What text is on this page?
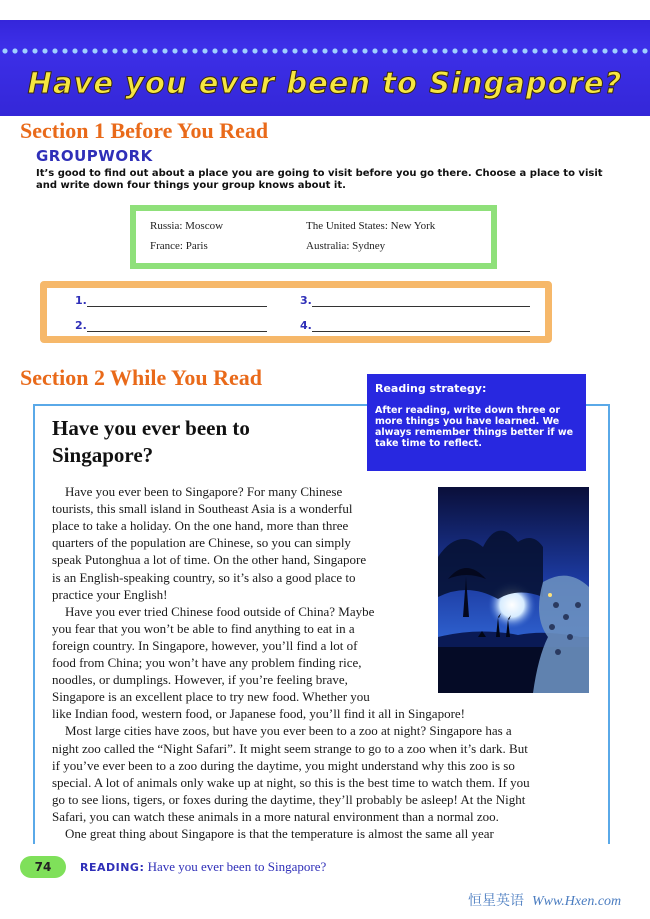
Have you ever been to Singapore?
Section 1 Before You Read
GROUPWORK
It’s good to find out about a place you are going to visit before you go there. Choose a place to visit and write down four things your group knows about it.
Russia: Moscow	The United States: New York
France: Paris	Australia: Sydney
1.
2.
3.
4.
Section 2 While You Read	Reading strategy:
After reading, write down three or more things you have learned. We always remember things better if we take time to reflect.
Have you ever been to
Singapore?
Have you ever been to Singapore? For many Chinese
tourists, this small island in Southeast Asia is a wonderful
place to take a holiday. On the one hand, more than three
quarters of the population are Chinese, so you can simply
speak Putonghua a lot of time. On the other hand, Singapore
is an English-speaking country, so it’s also a good place to
practice your English!
Have you ever tried Chinese food outside of China? Maybe
you fear that you won’t be able to find anything to eat in a
foreign country. In Singapore, however, you’ll find a lot of
food from China; you won’t have any problem finding rice,
noodles, or dumplings. However, if you’re feeling brave,
Singapore is an excellent place to try new food. Whether you
like Indian food, western food, or Japanese food, you’ll find it all in Singapore!
Most large cities have zoos, but have you ever been to a zoo at night? Singapore has a
night zoo called the “Night Safari”. It might seem strange to go to a zoo when it’s dark. But
if you’ve ever been to a zoo during the daytime, you might understand why this zoo is so
special. A lot of animals only wake up at night, so this is the best time to watch them. If you
go to see lions, tigers, or foxes during the daytime, they’ll probably be asleep! At the Night
Safari, you can watch these animals in a more natural environment than a normal zoo.
One great thing about Singapore is that the temperature is almost the same all year
74	READING: Have you ever been to Singapore?
恒星英语 Www.Hxen.com
